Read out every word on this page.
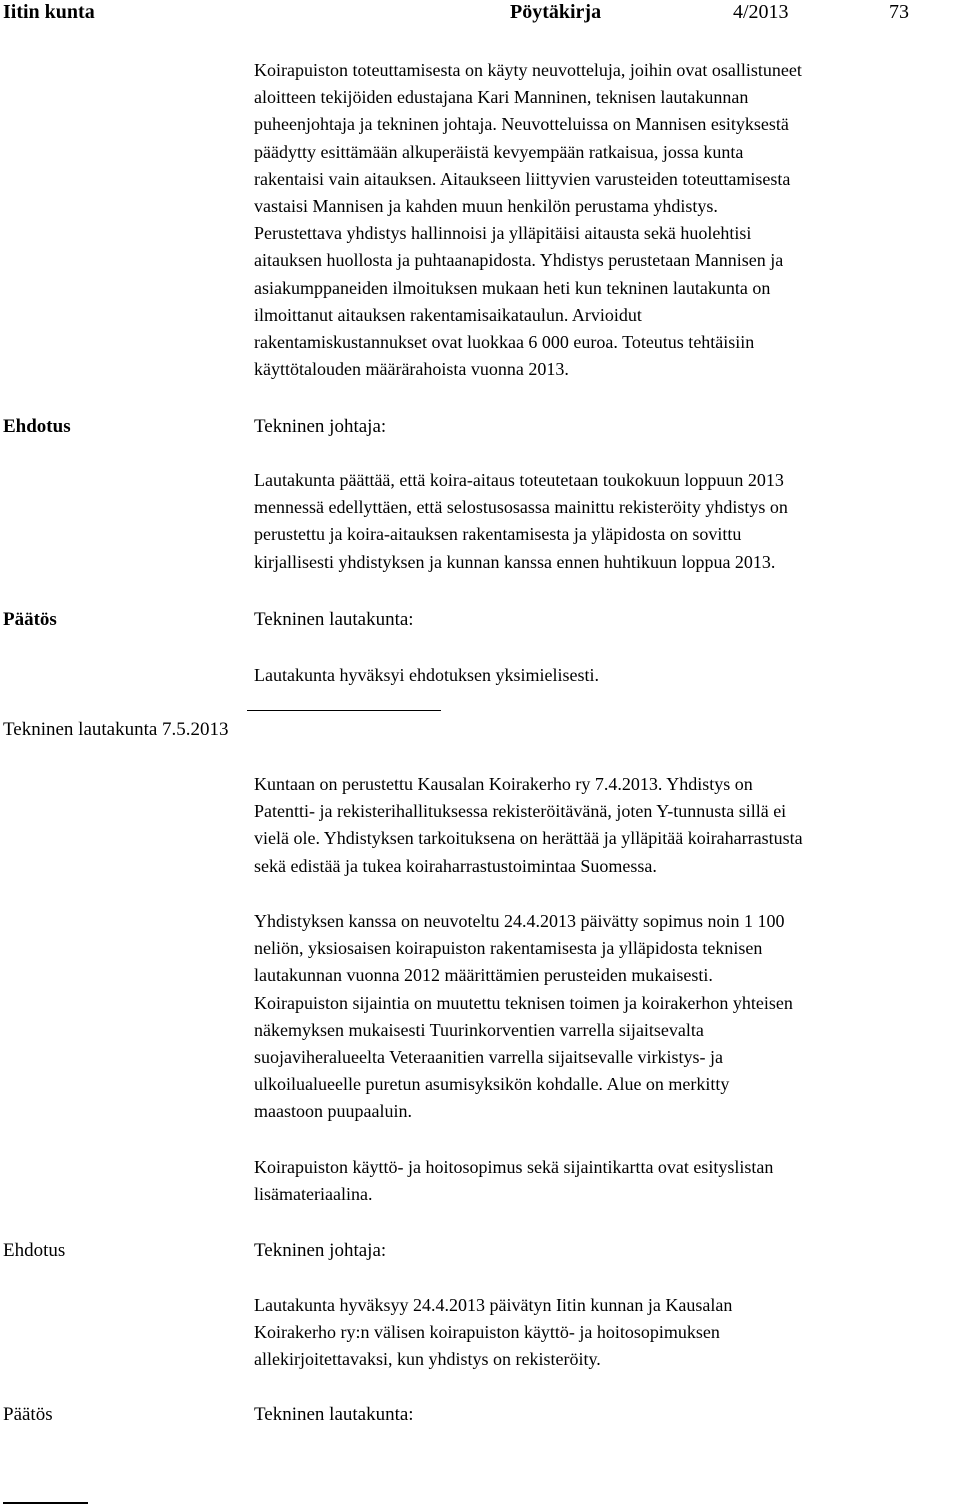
Iitin kunta	Pöytäkirja	4/2013	73
Koirapuiston toteuttamisesta on käyty neuvotteluja, joihin ovat osallistuneet
aloitteen tekijöiden edustajana Kari Manninen, teknisen lautakunnan
puheenjohtaja ja tekninen johtaja. Neuvotteluissa on Mannisen esityksestä
päädytty esittämään alkuperäistä kevyempään ratkaisua, jossa kunta
rakentaisi vain aitauksen. Aitaukseen liittyvien varusteiden toteuttamisesta
vastaisi Mannisen ja kahden muun henkilön perustama yhdistys.
Perustettava yhdistys hallinnoisi ja ylläpitäisi aitausta sekä huolehtisi
aitauksen huollosta ja puhtaanapidosta. Yhdistys perustetaan Mannisen ja
asiakumppaneiden ilmoituksen mukaan heti kun tekninen lautakunta on
ilmoittanut aitauksen rakentamisaikataulun. Arvioidut
rakentamiskustannukset ovat luokkaa 6 000 euroa. Toteutus tehtäisiin
käyttötalouden määrärahoista vuonna 2013.
Ehdotus	Tekninen johtaja:
Lautakunta päättää, että koira-aitaus toteutetaan toukokuun loppuun 2013
mennessä edellyttäen, että selostusosassa mainittu rekisteröity yhdistys on
perustettu ja koira-aitauksen rakentamisesta ja yläpidosta on sovittu
kirjallisesti yhdistyksen ja kunnan kanssa ennen huhtikuun loppua 2013.
Päätös	Tekninen lautakunta:
Lautakunta hyväksyi ehdotuksen yksimielisesti.
Tekninen lautakunta 7.5.2013
Kuntaan on perustettu Kausalan Koirakerho ry 7.4.2013. Yhdistys on
Patentti- ja rekisterihallituksessa rekisteröitävänä, joten Y-tunnusta sillä ei
vielä ole. Yhdistyksen tarkoituksena on herättää ja ylläpitää koiraharrastusta
sekä edistää ja tukea koiraharrastustoimintaa Suomessa.
Yhdistyksen kanssa on neuvoteltu 24.4.2013 päivätty sopimus noin 1 100
neliön, yksiosaisen koirapuiston rakentamisesta ja ylläpidosta teknisen
lautakunnan vuonna 2012 määrittämien perusteiden mukaisesti.
Koirapuiston sijaintia on muutettu teknisen toimen ja koirakerhon yhteisen
näkemyksen mukaisesti Tuurinkorventien varrella sijaitsevalta
suojaviheralueelta Veteraanitien varrella sijaitsevalle virkistys- ja
ulkoilualueelle puretun asumisyksikön kohdalle. Alue on merkitty
maastoon puupaaluin.
Koirapuiston käyttö- ja hoitosopimus sekä sijaintikartta ovat esityslistan
lisämateriaalina.
Ehdotus	Tekninen johtaja:
Lautakunta hyväksyy 24.4.2013 päivätyn Iitin kunnan ja Kausalan
Koirakerho ry:n välisen koirapuiston käyttö- ja hoitosopimuksen
allekirjoitettavaksi, kun yhdistys on rekisteröity.
Päätös	Tekninen lautakunta:
